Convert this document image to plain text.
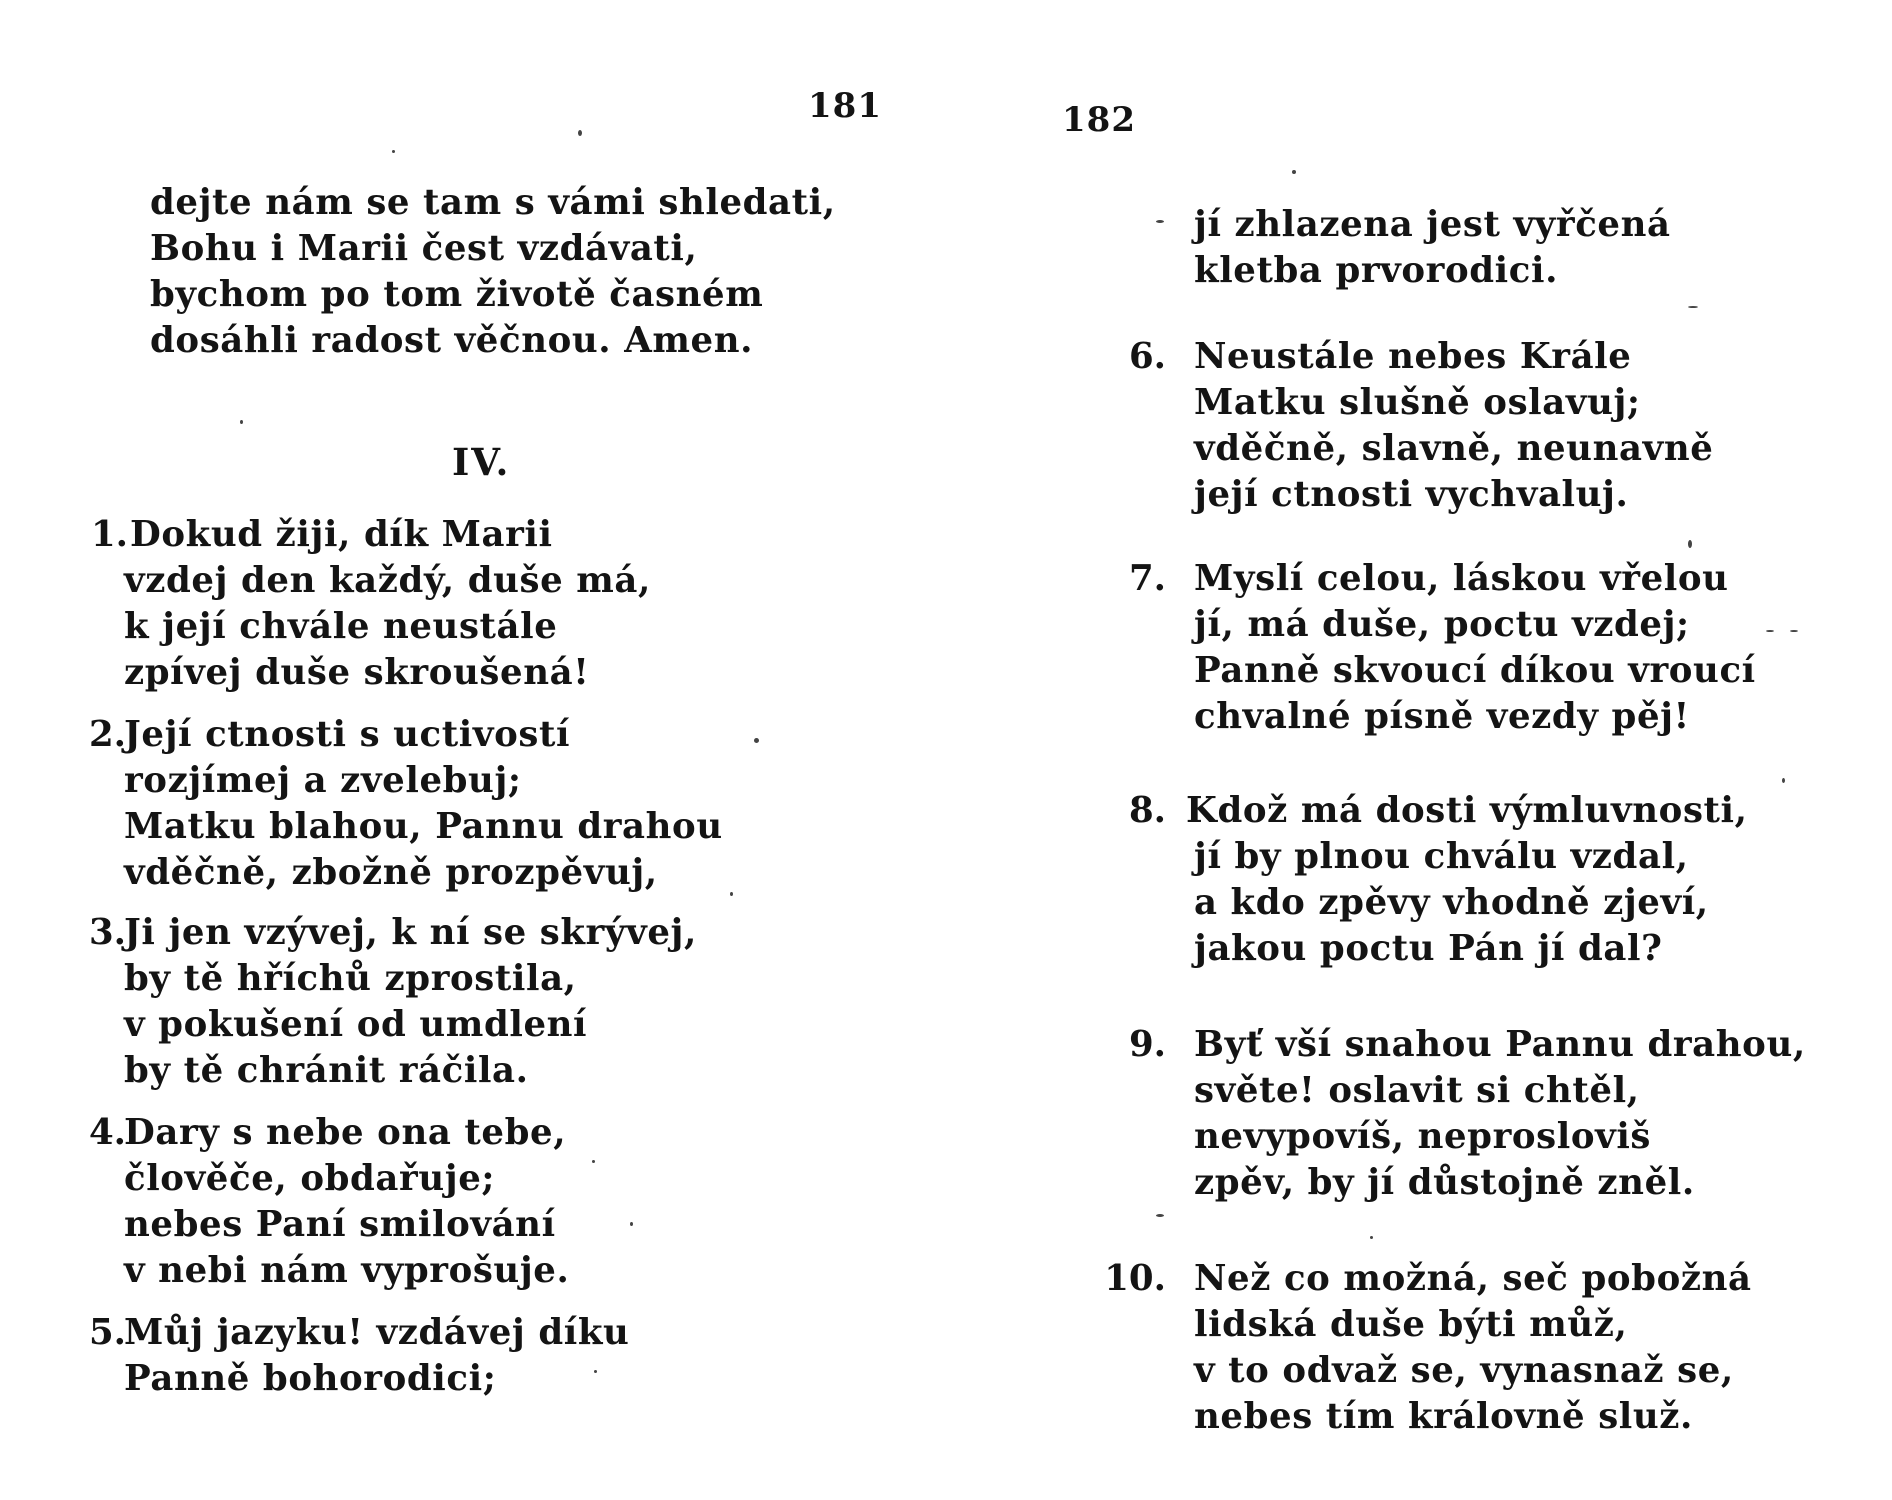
181
dejte nám se tam s vámi shledati,
Bohu i Marii čest vzdávati,
bychom po tom životě časném
dosáhli radost věčnou. Amen.
IV.
1. Dokud žiji, dík Marii
vzdej den každý, duše má,
k její chvále neustále
zpívej duše skroušená!
2.
Její ctnosti s uctivostí
rozjímej a zvelebuj;
Matku blahou, Pannu drahou
vděčně, zbožně prozpěvuj,
3.
Ji jen vzývej, k ní se skrývej,
by tě hříchů zprostila,
v pokušení od umdlení
by tě chránit ráčila.
4.
Dary s nebe ona tebe,
člověče, obdařuje;
nebes Paní smilování
v nebi nám vyprošuje.
5.
Můj jazyku! vzdávej díku
Panně bohorodici;
182
jí zhlazena jest vyřčená
kletba prvorodici.
6. Neustále nebes Krále
Matku slušně oslavuj;
vděčně, slavně, neunavně
její ctnosti vychvaluj.
7. Myslí celou, láskou vřelou
jí, má duše, poctu vzdej;
Panně skvoucí díkou vroucí
chvalné písně vezdy pěj!
8. Kdož má dosti výmluvnosti,
jí by plnou chválu vzdal,
a kdo zpěvy vhodně zjeví,
jakou poctu Pán jí dal?
9. Byť vší snahou Pannu drahou,
světe! oslavit si chtěl,
nevypovíš, neprosloviš
zpěv, by jí důstojně zněl.
10. Než co možná, seč pobožná
lidská duše býti můž,
v to odvaž se, vynasnaž se,
nebes tím královně služ.
